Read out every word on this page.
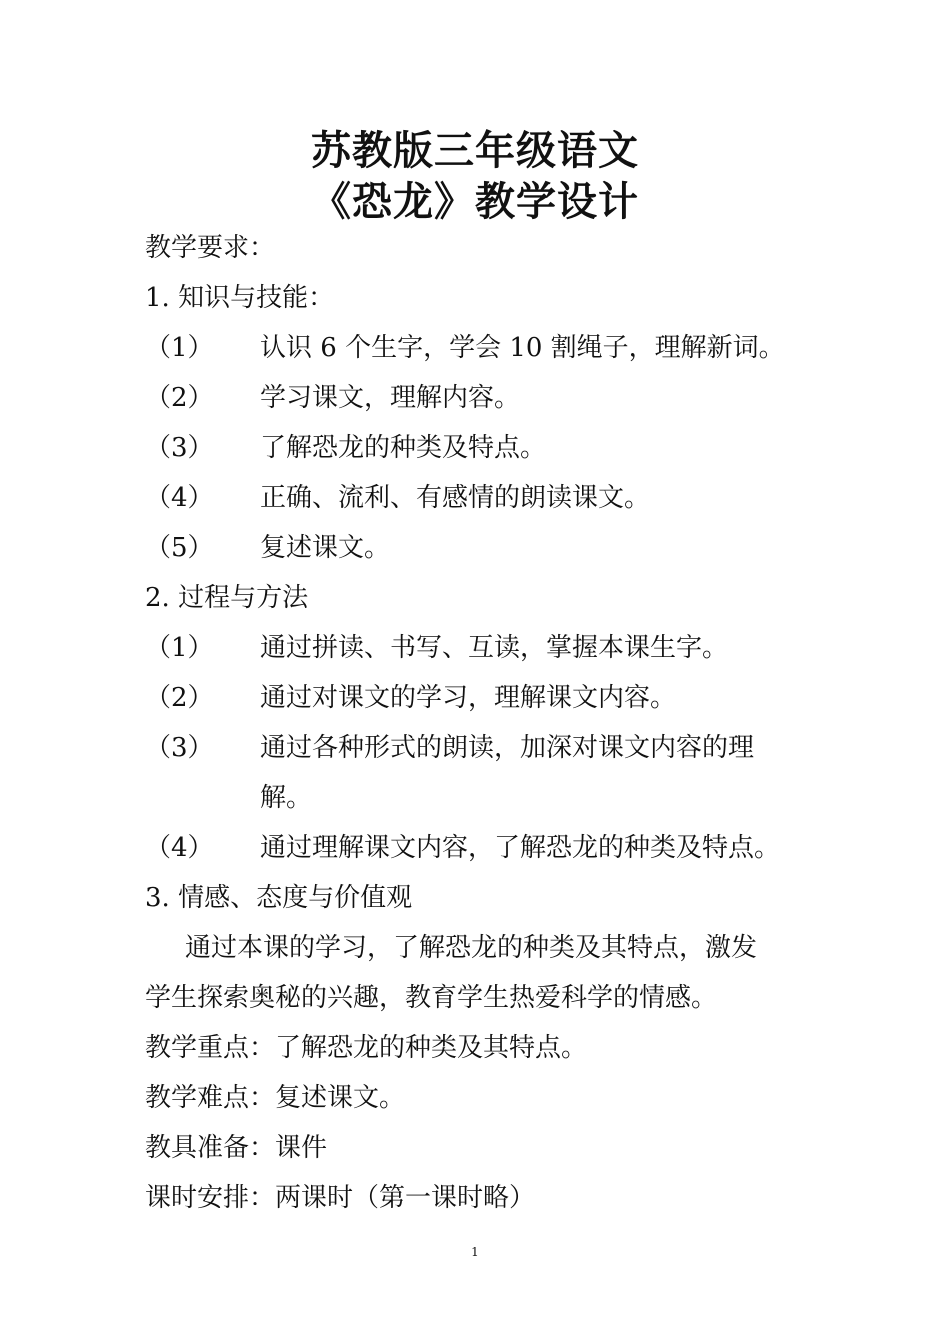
苏教版三年级语文
《恐龙》教学设计
教学要求：
1. 知识与技能：
（1） 认识 6 个生字，学会 10 割绳子，理解新词。
（2） 学习课文，理解内容。
（3） 了解恐龙的种类及特点。
（4） 正确、流利、有感情的朗读课文。
（5） 复述课文。
2. 过程与方法
（1） 通过拼读、书写、互读，掌握本课生字。
（2） 通过对课文的学习，理解课文内容。
（3） 通过各种形式的朗读，加深对课文内容的理
解。
（4） 通过理解课文内容，了解恐龙的种类及特点。
3. 情感、态度与价值观
通过本课的学习，了解恐龙的种类及其特点，激发
学生探索奥秘的兴趣，教育学生热爱科学的情感。
教学重点：了解恐龙的种类及其特点。
教学难点：复述课文。
教具准备：课件
课时安排：两课时（第一课时略）
1
